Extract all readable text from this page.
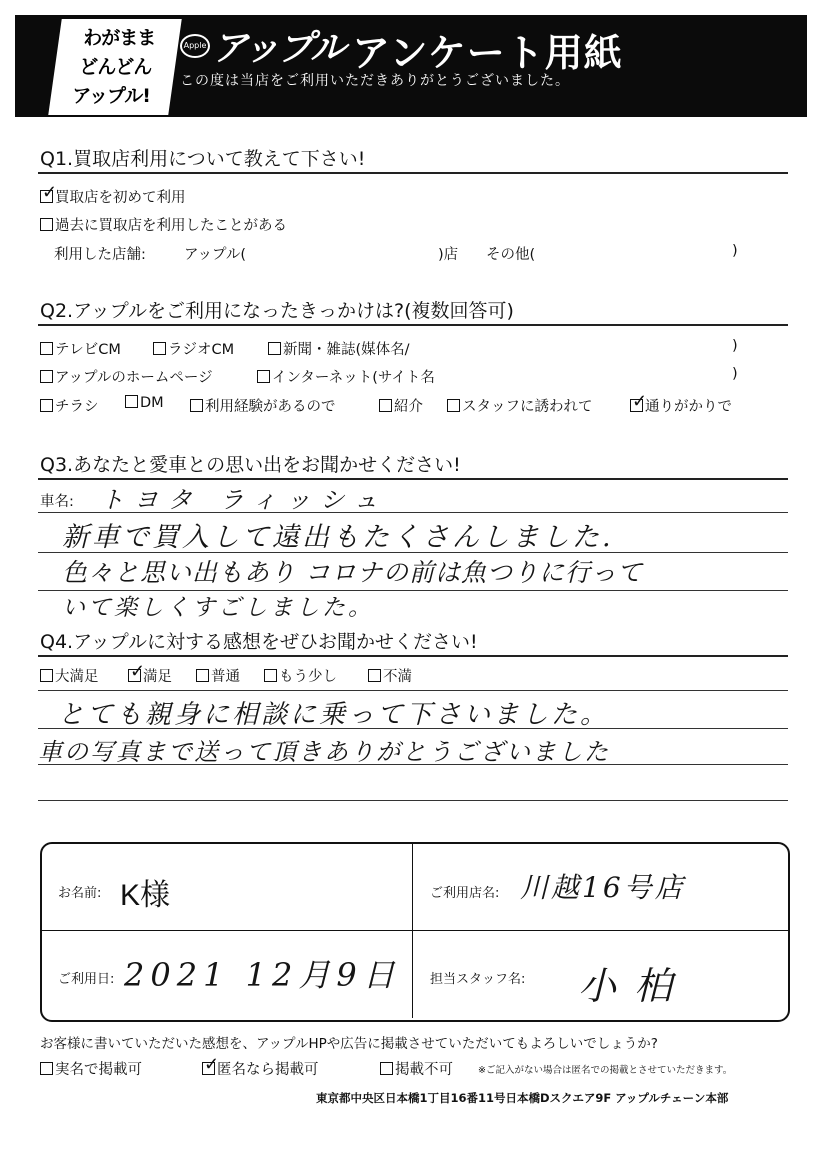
わがまま
どんどん
アップル!
Apple アップル アンケート用紙
この度は当店をご利用いただきありがとうございました。
Q1.買取店利用について教えて下さい!
✓
買取店を初めて利用
過去に買取店を利用したことがある
利用した店舗:	アップル(	)店 その他(	)
Q2.アップルをご利用になったきっかけは?(複数回答可)
テレビCM	ラジオCM	新聞・雑誌(媒体名/	)
アップルのホームページ	インターネット(サイト名	)
チラシ	DM	利用経験があるので	紹介	スタッフに誘われて ✓
通りがかりで
Q3.あなたと愛車との思い出をお聞かせください!
車名: トヨタ ラィッシュ
新車で買入して遠出もたくさんしました.
色々と思い出もあり コロナの前は魚つりに行って
いて楽しくすごしました。
Q4.アップルに対する感想をぜひお聞かせください!
大満足 ✓
満足	普通	もう少し	不満
とても親身に相談に乗って下さいました。
車の写真まで送って頂きありがとうございました
お名前: K様	ご利用店名: 川越16号店
ご利用日: 2021 12月9日 担当スタッフ名: 小柏
お客様に書いていただいた感想を、アップルHPや広告に掲載させていただいてもよろしいでしょうか?
実名で掲載可	✓
匿名なら掲載可	掲載不可	※ご記入がない場合は匿名での掲載とさせていただきます。
東京都中央区日本橋1丁目16番11号日本橋Dスクエア9F アップルチェーン本部
